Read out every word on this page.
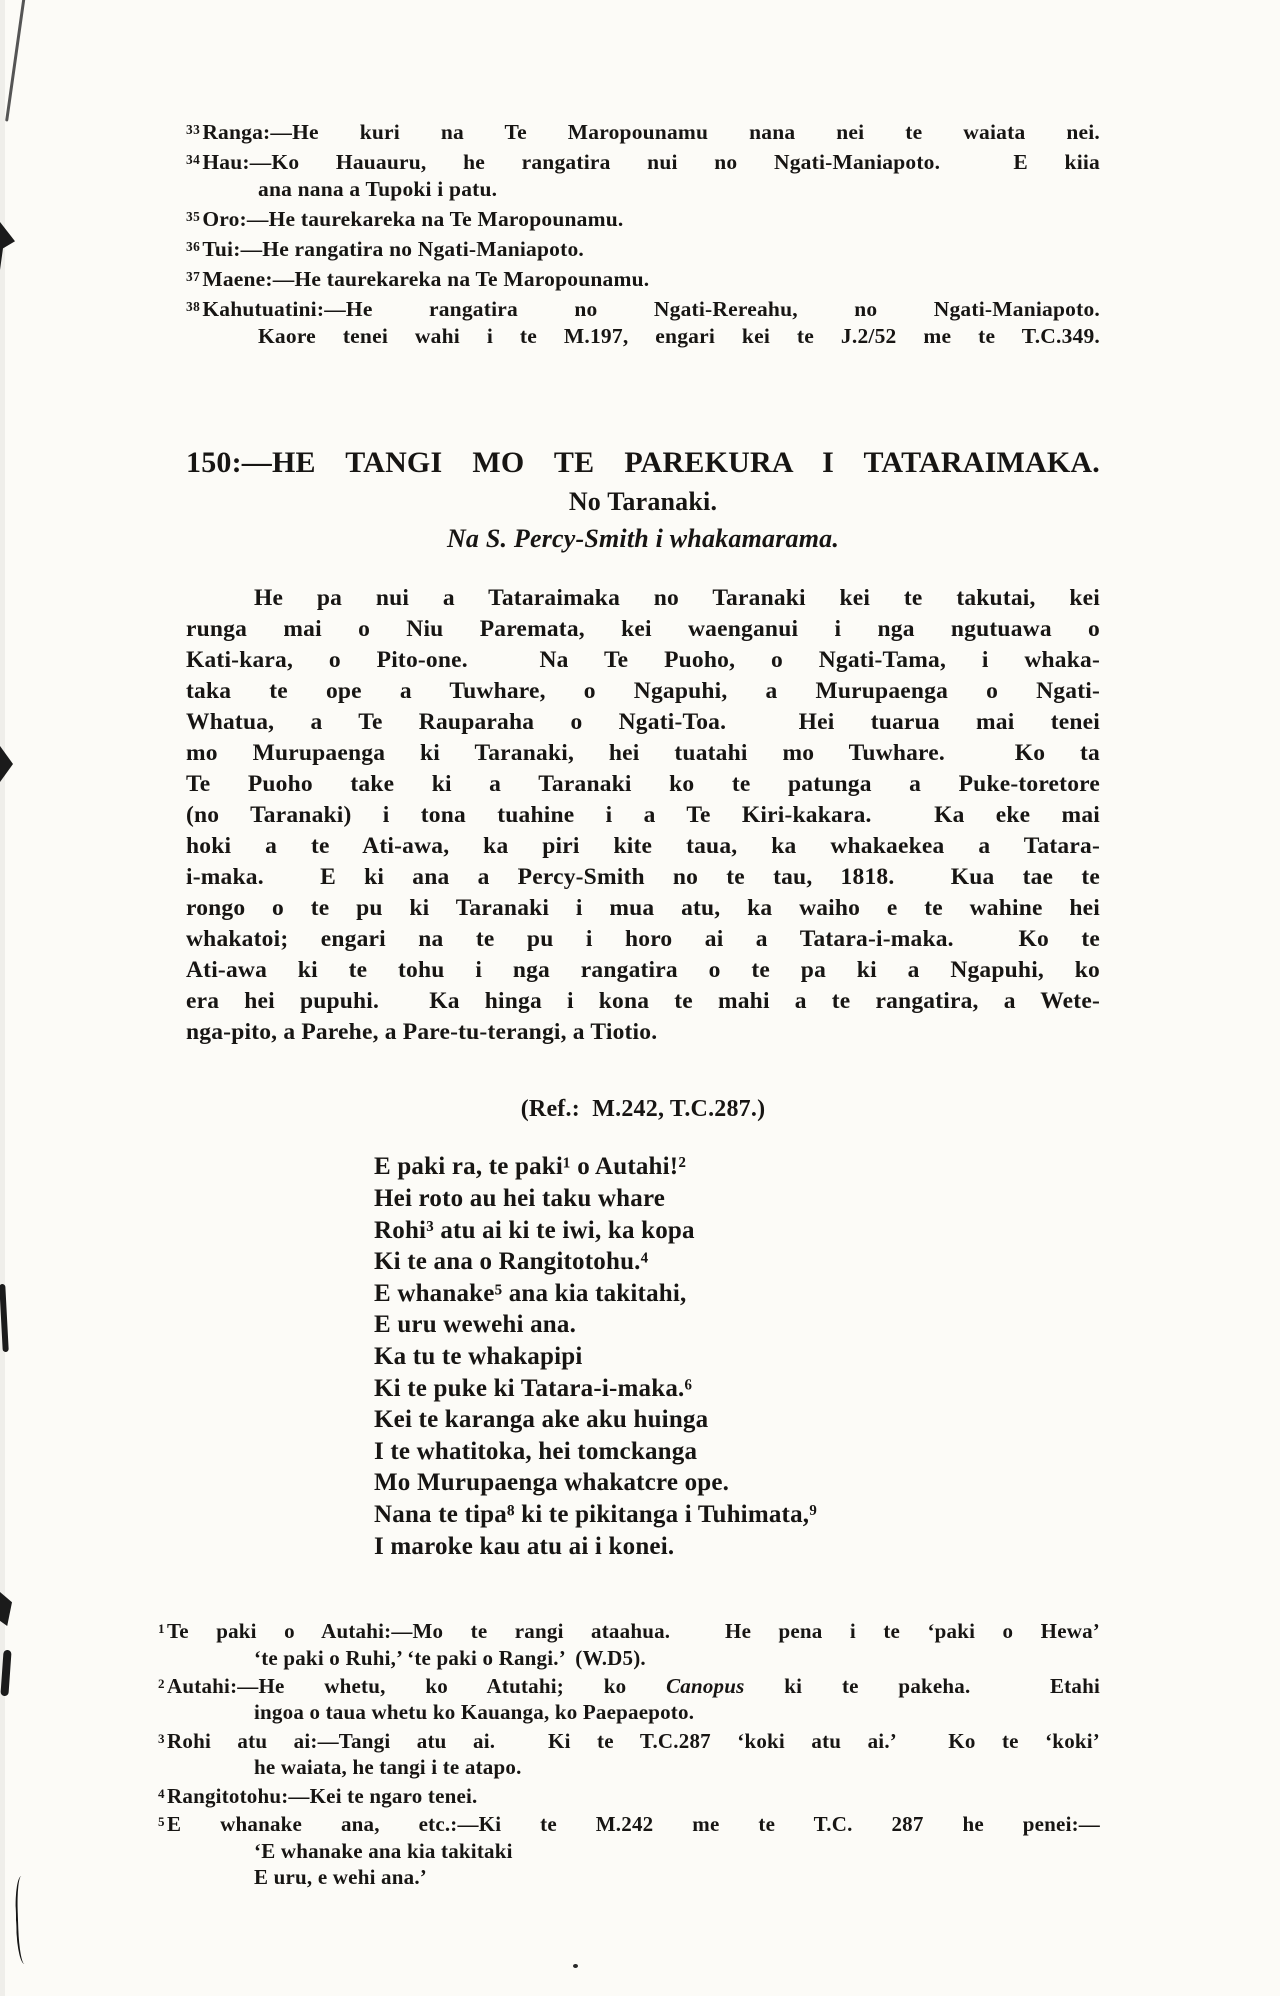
$^{33}$Ranga:—He kuri na Te Maropounamu nana nei te waiata nei.
$^{34}$Hau:—Ko Hauauru, he rangatira nui no Ngati-Maniapoto.  E kiia
ana nana a Tupoki i patu.
$^{35}$Oro:—He taurekareka na Te Maropounamu.
$^{36}$Tui:—He rangatira no Ngati-Maniapoto.
$^{37}$Maene:—He taurekareka na Te Maropounamu.
$^{38}$Kahutuatini:—He rangatira no Ngati-Rereahu, no Ngati-Maniapoto.
Kaore tenei wahi i te M.197, engari kei te J.2/52 me te T.C.349.
150:—HE TANGI MO TE PAREKURA I TATARAIMAKA.
No Taranaki.
Na S. Percy-Smith i whakamarama.
He pa nui a Tataraimaka no Taranaki kei te takutai, kei
runga mai o Niu Paremata, kei waenganui i nga ngutuawa o
Kati-kara, o Pito-one.  Na Te Puoho, o Ngati-Tama, i whaka-
taka te ope a Tuwhare, o Ngapuhi, a Murupaenga o Ngati-
Whatua, a Te Rauparaha o Ngati-Toa.  Hei tuarua mai tenei
mo Murupaenga ki Taranaki, hei tuatahi mo Tuwhare.  Ko ta
Te Puoho take ki a Taranaki ko te patunga a Puke-toretore
(no Taranaki) i tona tuahine i a Te Kiri-kakara.  Ka eke mai
hoki a te Ati-awa, ka piri kite taua, ka whakaekea a Tatara-
i-maka.  E ki ana a Percy-Smith no te tau, 1818.  Kua tae te
rongo o te pu ki Taranaki i mua atu, ka waiho e te wahine hei
whakatoi; engari na te pu i horo ai a Tatara-i-maka.  Ko te
Ati-awa ki te tohu i nga rangatira o te pa ki a Ngapuhi, ko
era hei pupuhi.  Ka hinga i kona te mahi a te rangatira, a Wete-
nga-pito, a Parehe, a Pare-tu-terangi, a Tiotio.
(Ref.:  M.242, T.C.287.)
E paki ra, te paki¹ o Autahi!²
Hei roto au hei taku whare
Rohi³ atu ai ki te iwi, ka kopa
Ki te ana o Rangitotohu.⁴
E whanake⁵ ana kia takitahi,
E uru wewehi ana.
Ka tu te whakapipi
Ki te puke ki Tatara-i-maka.⁶
Kei te karanga ake aku huinga
I te whatitoka, hei tomckanga
Mo Murupaenga whakatcre ope.
Nana te tipa⁸ ki te pikitanga i Tuhimata,⁹
I maroke kau atu ai i konei.
$^1$Te paki o Autahi:—Mo te rangi ataahua.  He pena i te ‘paki o Hewa’
‘te paki o Ruhi,’ ‘te paki o Rangi.’  (W.D5).
$^2$Autahi:—He whetu, ko Atutahi; ko Canopus ki te pakeha.  Etahi
ingoa o taua whetu ko Kauanga, ko Paepaepoto.
$^3$Rohi atu ai:—Tangi atu ai.  Ki te T.C.287 ‘koki atu ai.’  Ko te ‘koki’
he waiata, he tangi i te atapo.
$^4$Rangitotohu:—Kei te ngaro tenei.
$^5$E whanake ana, etc.:—Ki te M.242 me te T.C. 287 he penei:—
‘E whanake ana kia takitaki
E uru, e wehi ana.’
